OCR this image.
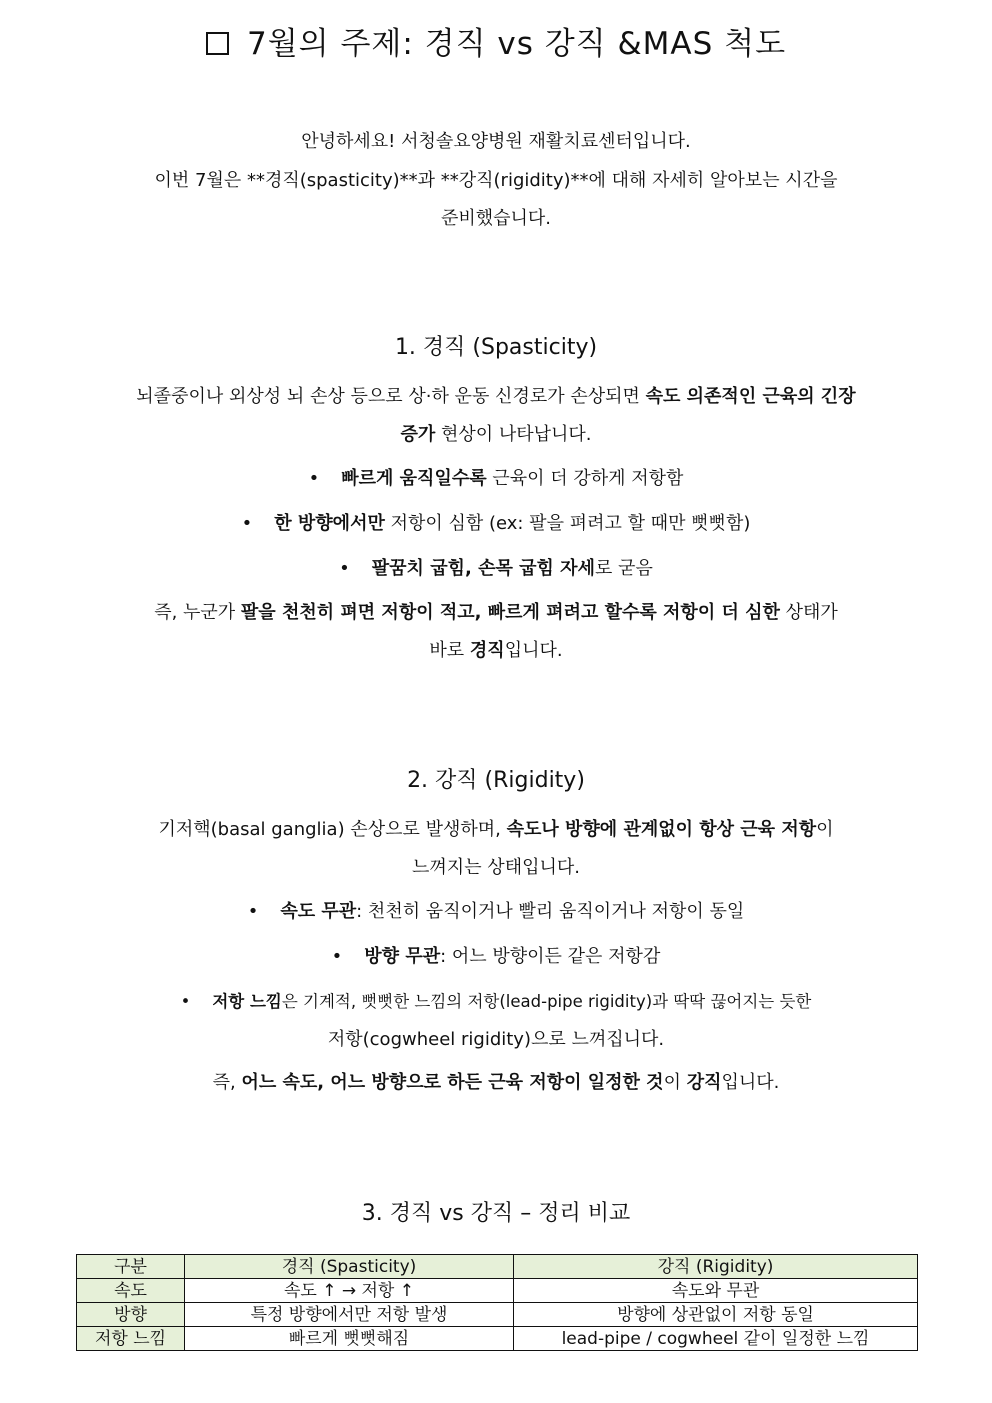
7월의 주제: 경직 vs 강직 &MAS 척도
안녕하세요! 서청솔요양병원 재활치료센터입니다.
이번 7월은 **경직(spasticity)**과 **강직(rigidity)**에 대해 자세히 알아보는 시간을
준비했습니다.
1. 경직 (Spasticity)
뇌졸중이나 외상성 뇌 손상 등으로 상·하 운동 신경로가 손상되면 속도 의존적인 근육의 긴장
증가 현상이 나타납니다.
• 빠르게 움직일수록 근육이 더 강하게 저항함
• 한 방향에서만 저항이 심함 (ex: 팔을 펴려고 할 때만 뻣뻣함)
• 팔꿈치 굽힘, 손목 굽힘 자세로 굳음
즉, 누군가 팔을 천천히 펴면 저항이 적고, 빠르게 펴려고 할수록 저항이 더 심한 상태가
바로 경직입니다.
2. 강직 (Rigidity)
기저핵(basal ganglia) 손상으로 발생하며, 속도나 방향에 관계없이 항상 근육 저항이
느껴지는 상태입니다.
• 속도 무관: 천천히 움직이거나 빨리 움직이거나 저항이 동일
• 방향 무관: 어느 방향이든 같은 저항감
• 저항 느낌은 기계적, 뻣뻣한 느낌의 저항(lead-pipe rigidity)과 딱딱 끊어지는 듯한
저항(cogwheel rigidity)으로 느껴집니다.
즉, 어느 속도, 어느 방향으로 하든 근육 저항이 일정한 것이 강직입니다.
3. 경직 vs 강직 – 정리 비교
구분	경직 (Spasticity)	강직 (Rigidity)
속도	속도 ↑ → 저항 ↑	속도와 무관
방향	특정 방향에서만 저항 발생	방향에 상관없이 저항 동일
저항 느낌	빠르게 뻣뻣해짐	lead-pipe / cogwheel 같이 일정한 느낌
